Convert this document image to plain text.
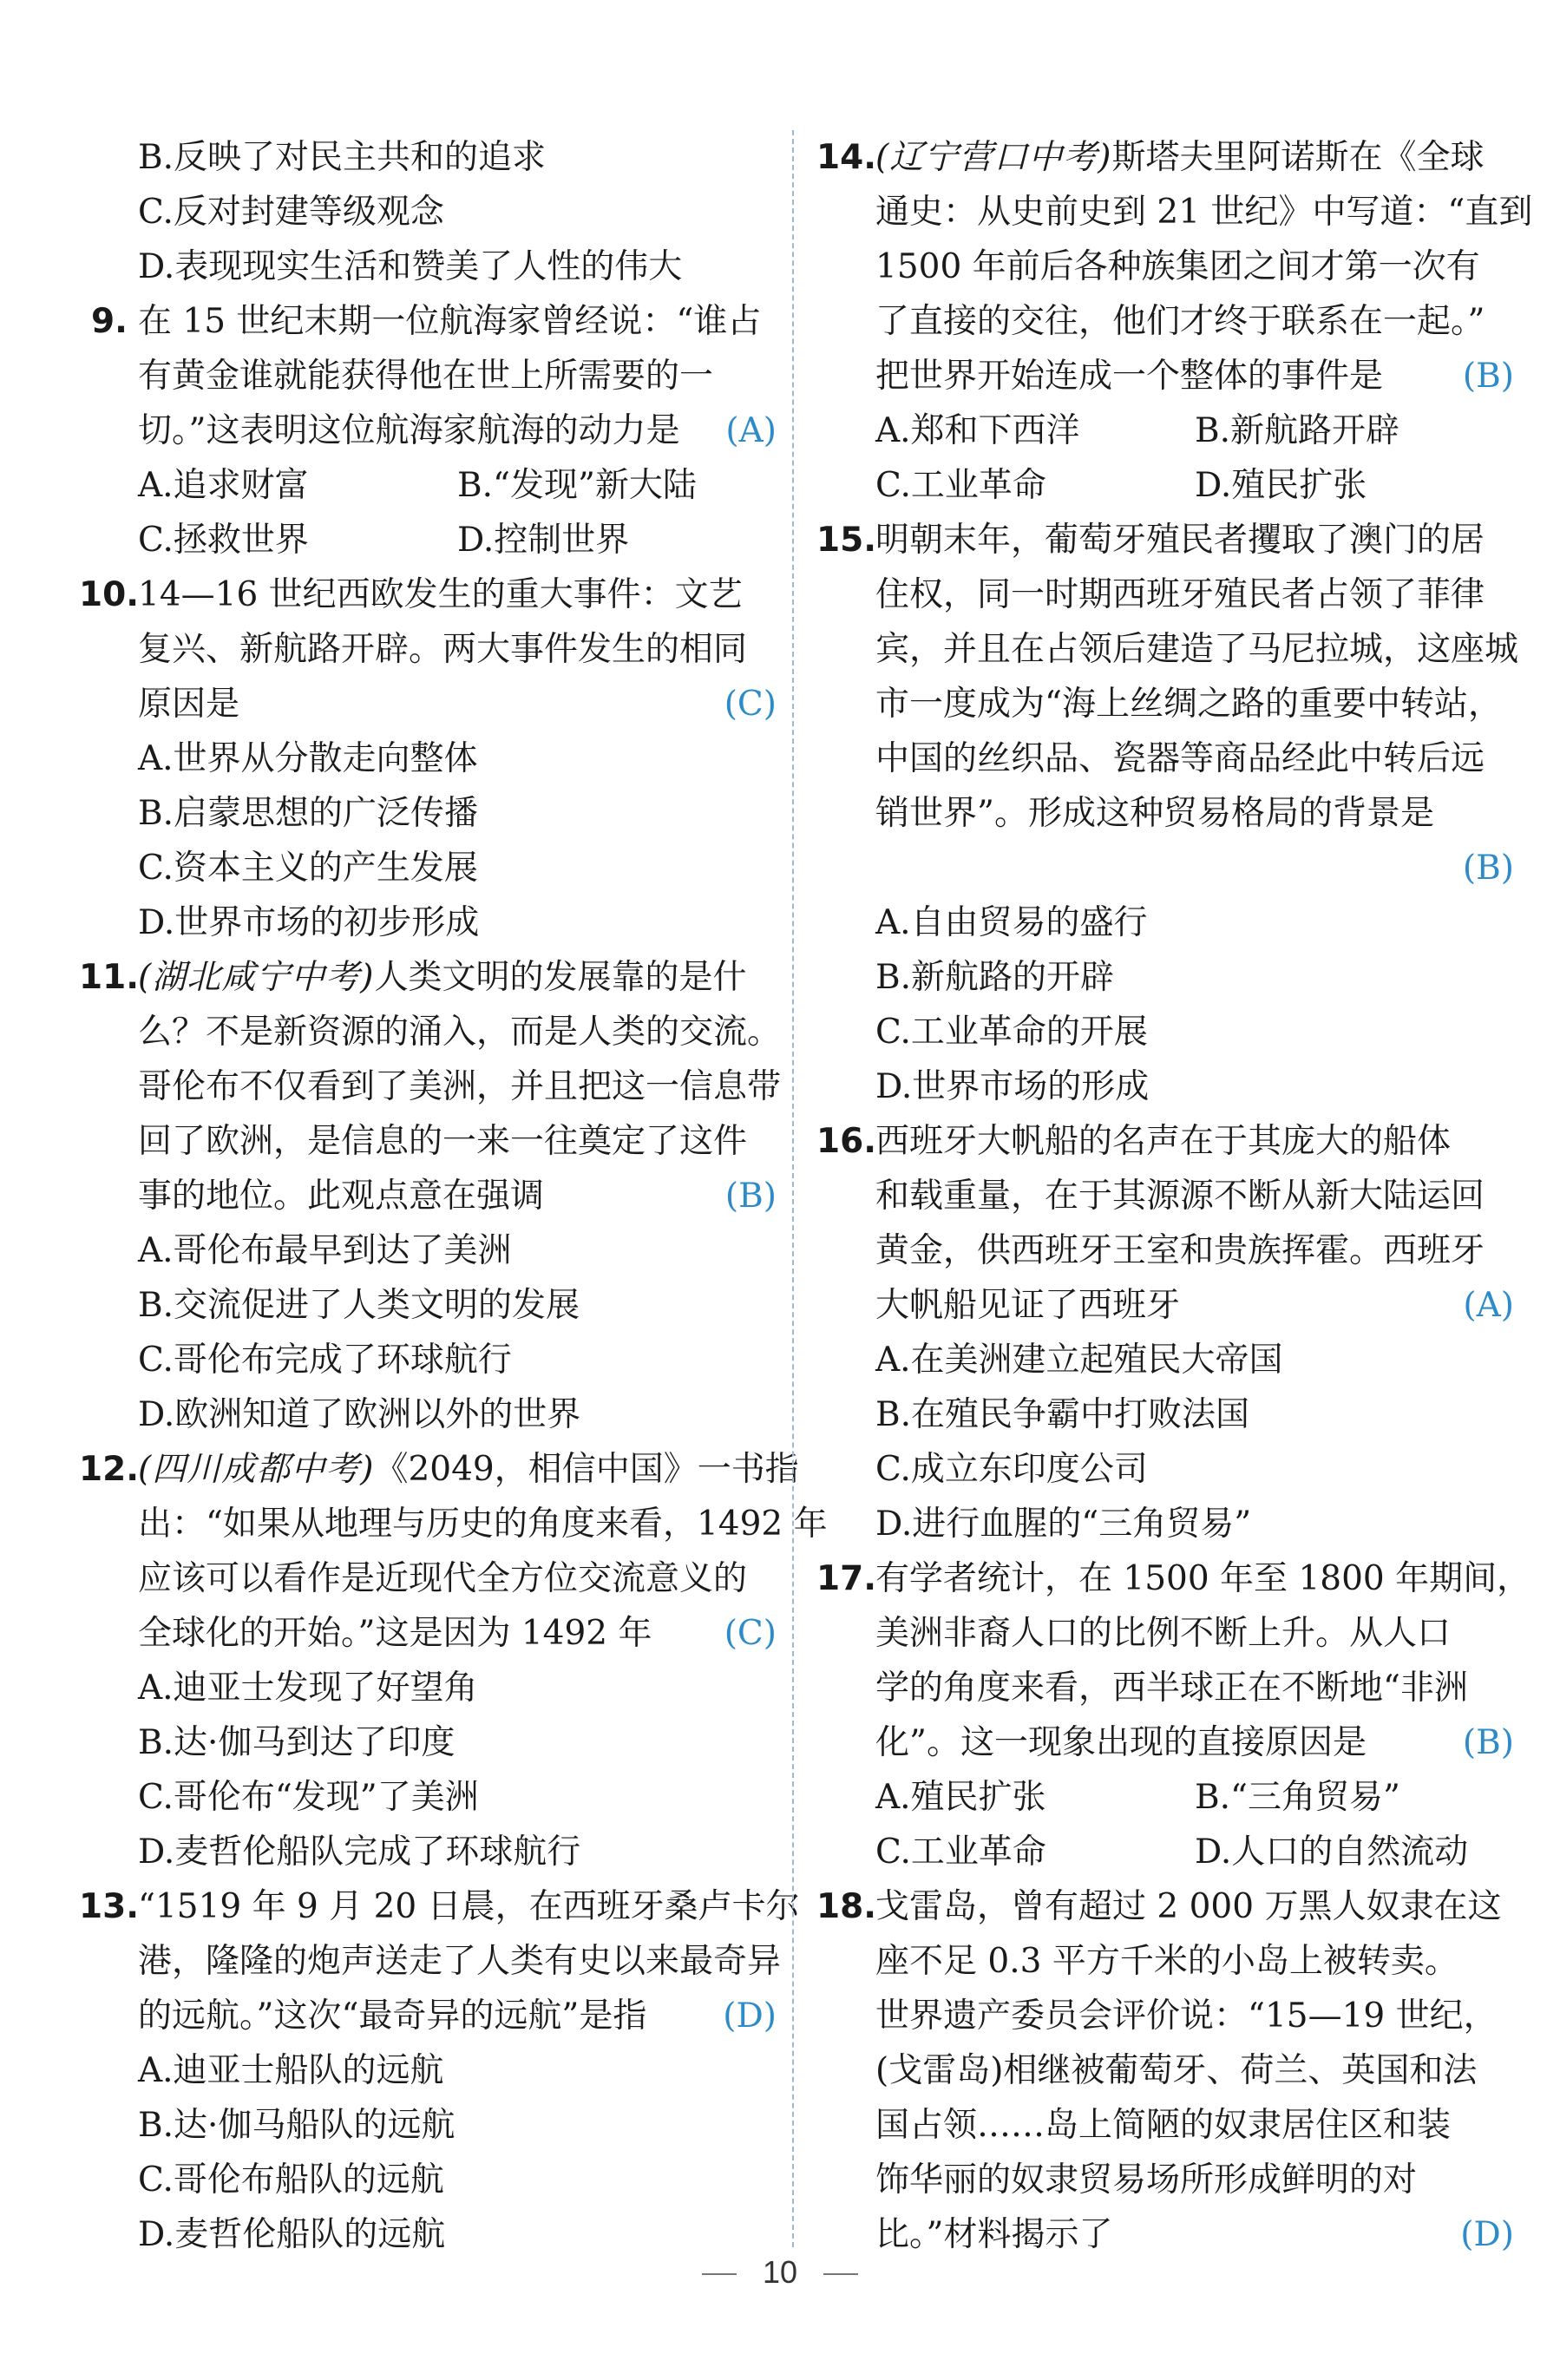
B.反映了对民主共和的追求
C.反对封建等级观念
D.表现现实生活和赞美了人性的伟大
9. 在 15 世纪末期一位航海家曾经说：“谁占
有黄金谁就能获得他在世上所需要的一
切。”这表明这位航海家航海的动力是 (A)
A.追求财富	B.“发现”新大陆
C.拯救世界	D.控制世界
10.14—16 世纪西欧发生的重大事件：文艺
复兴、新航路开辟。两大事件发生的相同
原因是	(C)
A.世界从分散走向整体
B.启蒙思想的广泛传播
C.资本主义的产生发展
D.世界市场的初步形成
11.(湖北咸宁中考)人类文明的发展靠的是什
么？不是新资源的涌入，而是人类的交流。
哥伦布不仅看到了美洲，并且把这一信息带
回了欧洲，是信息的一来一往奠定了这件
事的地位。此观点意在强调	(B)
A.哥伦布最早到达了美洲
B.交流促进了人类文明的发展
C.哥伦布完成了环球航行
D.欧洲知道了欧洲以外的世界
12.(四川成都中考)《2049，相信中国》一书指
出：“如果从地理与历史的角度来看，1492 年
应该可以看作是近现代全方位交流意义的
全球化的开始。”这是因为 1492 年 (C)
A.迪亚士发现了好望角
B.达·伽马到达了印度
C.哥伦布“发现”了美洲
D.麦哲伦船队完成了环球航行
13.“1519 年 9 月 20 日晨，在西班牙桑卢卡尔
港，隆隆的炮声送走了人类有史以来最奇异
的远航。”这次“最奇异的远航”是指 (D)
A.迪亚士船队的远航
B.达·伽马船队的远航
C.哥伦布船队的远航
D.麦哲伦船队的远航
14.(辽宁营口中考)斯塔夫里阿诺斯在《全球
通史：从史前史到 21 世纪》中写道：“直到
1500 年前后各种族集团之间才第一次有
了直接的交往，他们才终于联系在一起。”
把世界开始连成一个整体的事件是 (B)
A.郑和下西洋	B.新航路开辟
C.工业革命	D.殖民扩张
15.明朝末年，葡萄牙殖民者攫取了澳门的居
住权，同一时期西班牙殖民者占领了菲律
宾，并且在占领后建造了马尼拉城，这座城
市一度成为“海上丝绸之路的重要中转站，
中国的丝织品、瓷器等商品经此中转后远
销世界”。形成这种贸易格局的背景是
(B)
A.自由贸易的盛行
B.新航路的开辟
C.工业革命的开展
D.世界市场的形成
16.西班牙大帆船的名声在于其庞大的船体
和载重量，在于其源源不断从新大陆运回
黄金，供西班牙王室和贵族挥霍。西班牙
大帆船见证了西班牙	(A)
A.在美洲建立起殖民大帝国
B.在殖民争霸中打败法国
C.成立东印度公司
D.进行血腥的“三角贸易”
17.有学者统计，在 1500 年至 1800 年期间，
美洲非裔人口的比例不断上升。从人口
学的角度来看，西半球正在不断地“非洲
化”。这一现象出现的直接原因是	(B)
A.殖民扩张	B.“三角贸易”
C.工业革命	D.人口的自然流动
18.戈雷岛，曾有超过 2 000 万黑人奴隶在这
座不足 0.3 平方千米的小岛上被转卖。
世界遗产委员会评价说：“15—19 世纪，
(戈雷岛)相继被葡萄牙、荷兰、英国和法
国占领……岛上简陋的奴隶居住区和装
饰华丽的奴隶贸易场所形成鲜明的对
比。”材料揭示了	(D)
10
